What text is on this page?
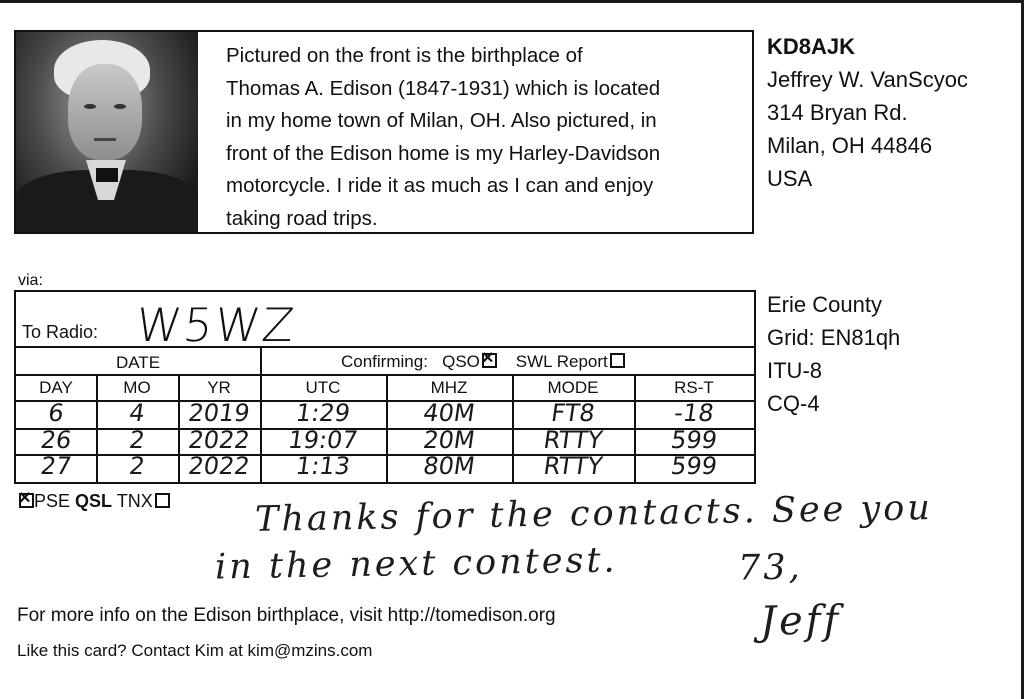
Pictured on the front is the birthplace of
Thomas A. Edison (1847-1931) which is located
in my home town of Milan, OH. Also pictured, in
front of the Edison home is my Harley-Davidson
motorcycle. I ride it as much as I can and enjoy
taking road trips.
KD8AJK
Jeffrey W. VanScyoc
314 Bryan Rd.
Milan, OH 44846
USA
Erie County
Grid: EN81qh
ITU-8
CQ-4
via:
To Radio: W5WZ
DATE	Confirming: QSO× SWL Report
DAY	MO	YR	UTC	MHZ	MODE	RS-T
6	4	2019	1:29	40M	FT8	-18
26	2	2022	19:07	20M	RTTY	599
27	2	2022	1:13	80M	RTTY	599
×PSE QSL TNX	Thanks for the contacts. See you
in the next contest.	73,
Jeff
For more info on the Edison birthplace, visit http://tomedison.org
Like this card? Contact Kim at kim@mzins.com
